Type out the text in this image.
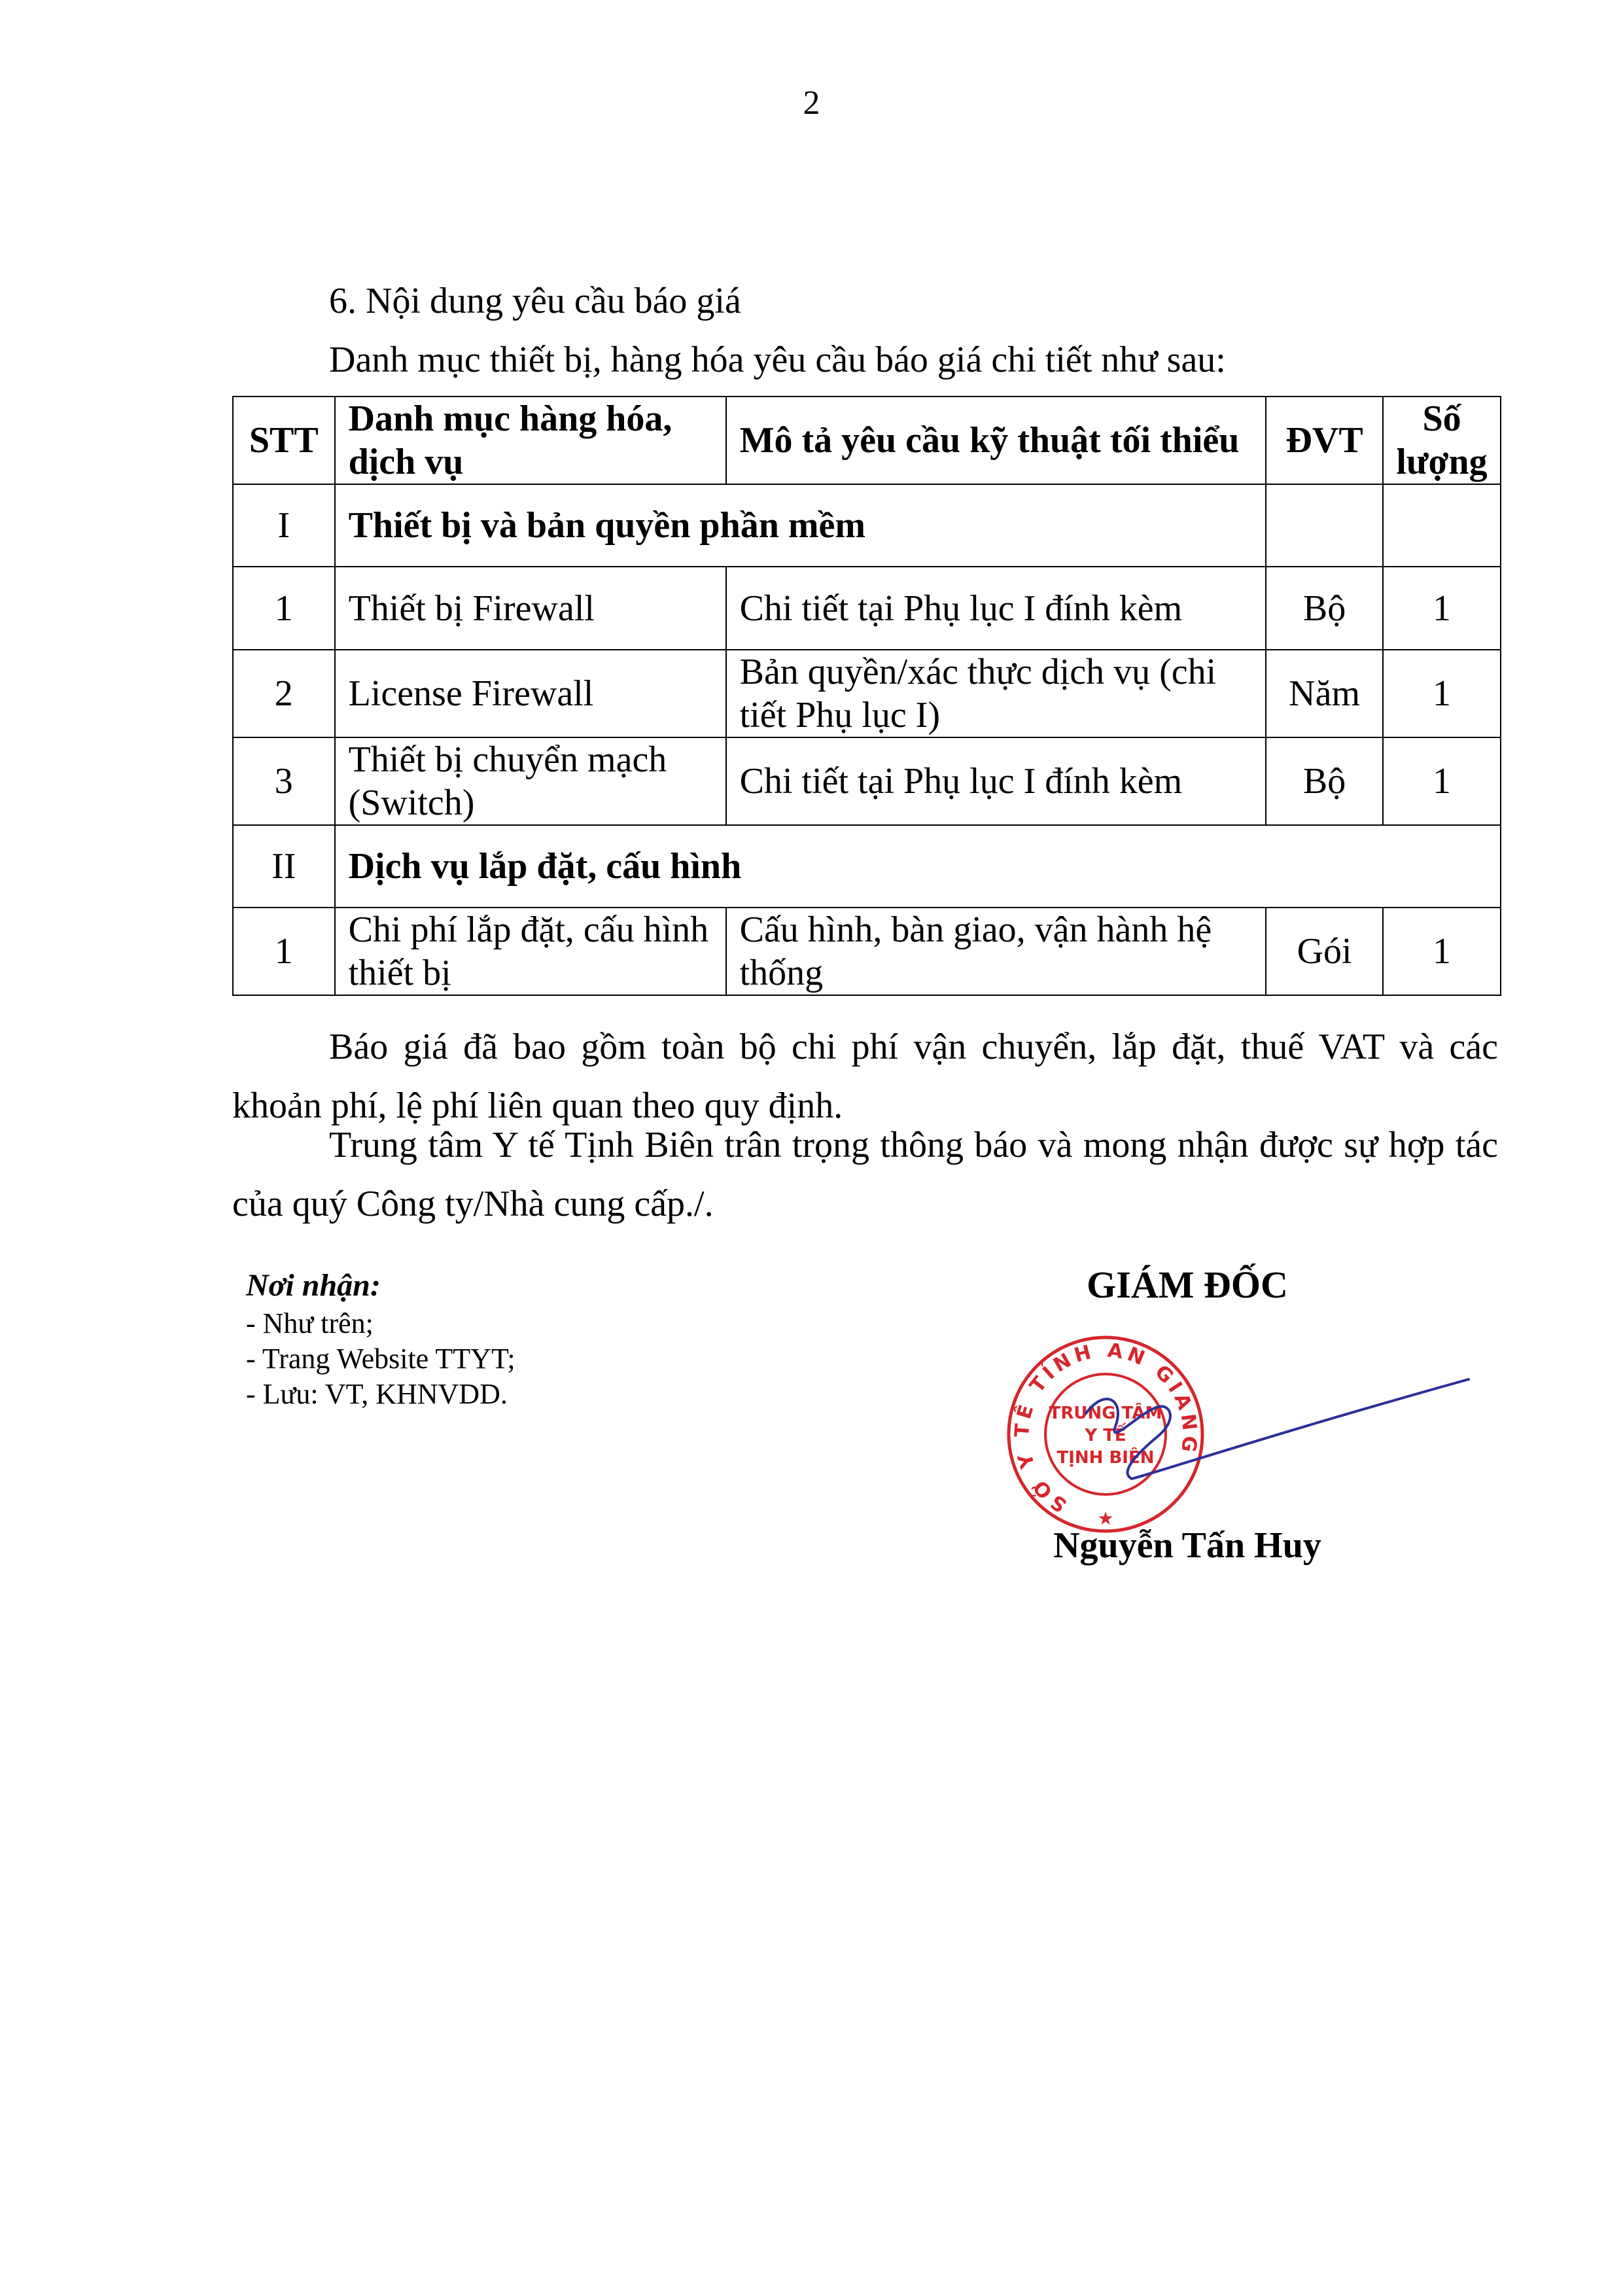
2
6. Nội dung yêu cầu báo giá
Danh mục thiết bị, hàng hóa yêu cầu báo giá chi tiết như sau:
STT	Danh mục hàng hóa, dịch vụ	Mô tả yêu cầu kỹ thuật tối thiểu	ĐVT	Số lượng
I	Thiết bị và bản quyền phần mềm			
1	Thiết bị Firewall	Chi tiết tại Phụ lục I đính kèm	Bộ	1
2	License Firewall	Bản quyền/xác thực dịch vụ (chi tiết Phụ lục I)	Năm	1
3	Thiết bị chuyển mạch (Switch)	Chi tiết tại Phụ lục I đính kèm	Bộ	1
II	Dịch vụ lắp đặt, cấu hình			
1	Chi phí lắp đặt, cấu hình thiết bị	Cấu hình, bàn giao, vận hành hệ thống	Gói	1
Báo giá đã bao gồm toàn bộ chi phí vận chuyển, lắp đặt, thuế VAT và các khoản phí, lệ phí liên quan theo quy định.
Trung tâm Y tế Tịnh Biên trân trọng thông báo và mong nhận được sự hợp tác của quý Công ty/Nhà cung cấp./.
Nơi nhận:
- Như trên;
- Trang Website TTYT;
- Lưu: VT, KHNVDD.
GIÁM ĐỐC
SỞ Y TẾ TỈNH AN GIANG
TRUNG TÂM
Y TẾ
TỊNH BIÊN
★
Nguyễn Tấn Huy
